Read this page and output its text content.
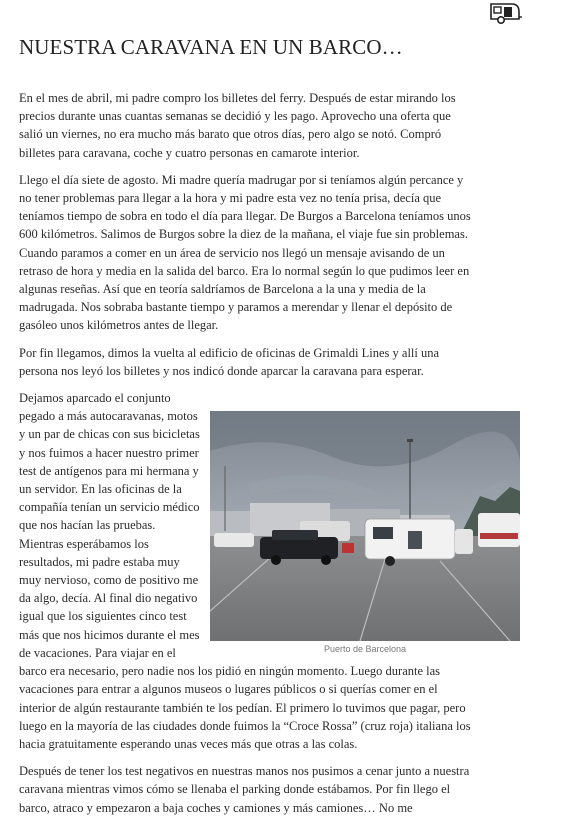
NUESTRA CARAVANA EN UN BARCO…

En el mes de abril, mi padre compro los billetes del ferry. Después de estar mirando los precios durante unas cuantas semanas se decidió y les pago. Aprovecho una oferta que salió un viernes, no era mucho más barato que otros días, pero algo se notó. Compró billetes para caravana, coche y cuatro personas en camarote interior.

Llego el día siete de agosto. Mi madre quería madrugar por si teníamos algún percance y no tener problemas para llegar a la hora y mi padre esta vez no tenía prisa, decía que teníamos tiempo de sobra en todo el día para llegar. De Burgos a Barcelona teníamos unos 600 kilómetros. Salimos de Burgos sobre la diez de la mañana, el viaje fue sin problemas. Cuando paramos a comer en un área de servicio nos llegó un mensaje avisando de un retraso de hora y media en la salida del barco. Era lo normal según lo que pudimos leer en algunas reseñas. Así que en teoría saldríamos de Barcelona a la una y media de la madrugada. Nos sobraba bastante tiempo y paramos a merendar y llenar el depósito de gasóleo unos kilómetros antes de llegar.

Por fin llegamos, dimos la vuelta al edificio de oficinas de Grimaldi Lines y allí una persona nos leyó los billetes y nos indicó donde aparcar la caravana para esperar.

Puerto de Barcelona

Dejamos aparcado el conjunto pegado a más autocaravanas, motos y un par de chicas con sus bicicletas y nos fuimos a hacer nuestro primer test de antígenos para mi hermana y un servidor. En las oficinas de la compañía tenían un servicio médico que nos hacían las pruebas. Mientras esperábamos los resultados, mi padre estaba muy muy nervioso, como de positivo me da algo, decía. Al final dio negativo igual que los siguientes cinco test más que nos hicimos durante el mes de vacaciones. Para viajar en el barco era necesario, pero nadie nos los pidió en ningún momento. Luego durante las vacaciones para entrar a algunos museos o lugares públicos o si querías comer en el interior de algún restaurante también te los pedían. El primero lo tuvimos que pagar, pero luego en la mayoría de las ciudades donde fuimos la “Croce Rossa” (cruz roja) italiana los hacia gratuitamente esperando unas veces más que otras a las colas.

Después de tener los test negativos en nuestras manos nos pusimos a cenar junto a nuestra caravana mientras vimos cómo se llenaba el parking donde estábamos. Por fin llego el barco, atraco y empezaron a baja coches y camiones y más camiones… No me
